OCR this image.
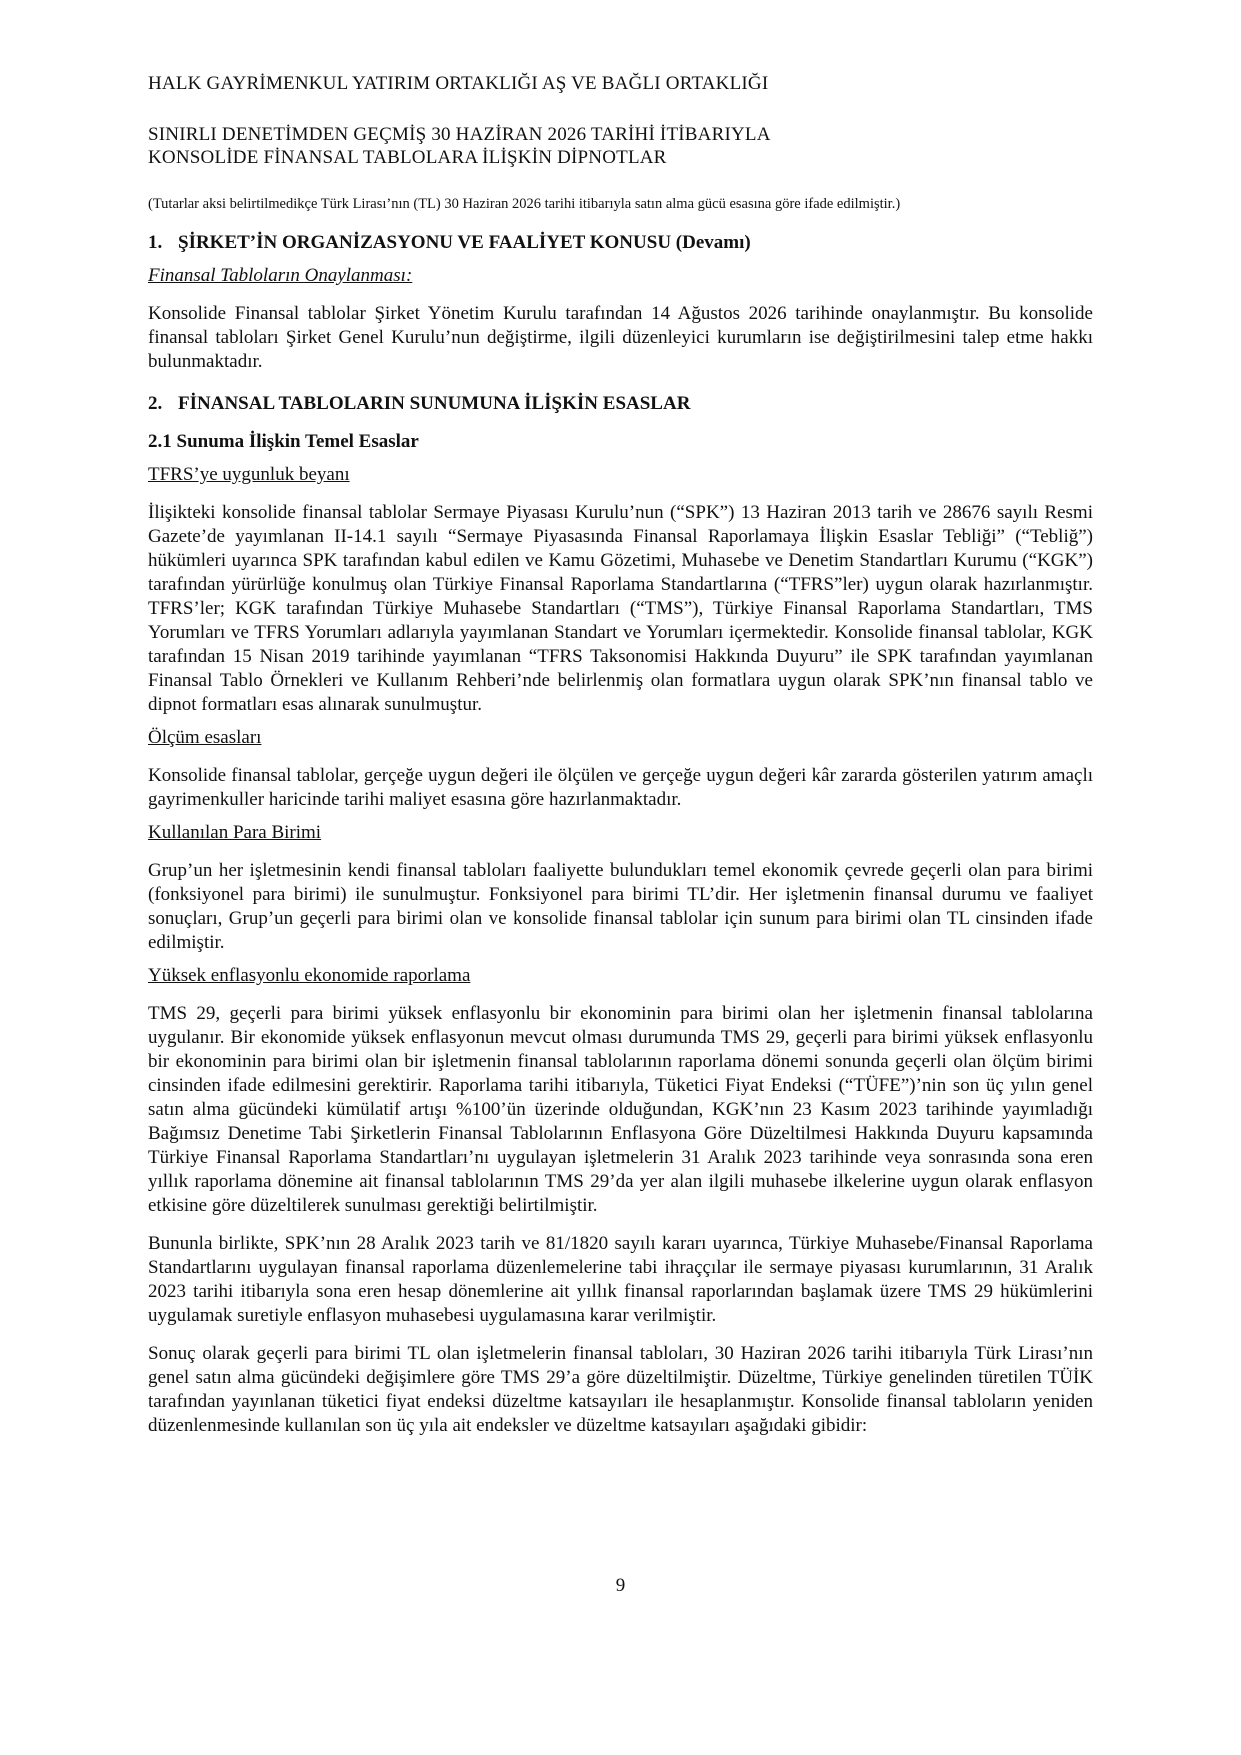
HALK GAYRİMENKUL YATIRIM ORTAKLIĞI AŞ VE BAĞLI ORTAKLIĞI

SINIRLI DENETİMDEN GEÇMİŞ 30 HAZİRAN 2026 TARİHİ İTİBARIYLA
KONSOLİDE FİNANSAL TABLOLARA İLİŞKİN DİPNOTLAR

(Tutarlar aksi belirtilmedikçe Türk Lirası’nın (TL) 30 Haziran 2026 tarihi itibarıyla satın alma gücü esasına göre ifade edilmiştir.)

1. ŞİRKET’İN ORGANİZASYONU VE FAALİYET KONUSU (Devamı)

Finansal Tabloların Onaylanması:

Konsolide Finansal tablolar Şirket Yönetim Kurulu tarafından 14 Ağustos 2026 tarihinde onaylanmıştır. Bu konsolide finansal tabloları Şirket Genel Kurulu’nun değiştirme, ilgili düzenleyici kurumların ise değiştirilmesini talep etme hakkı bulunmaktadır.

2. FİNANSAL TABLOLARIN SUNUMUNA İLİŞKİN ESASLAR

2.1 Sunuma İlişkin Temel Esaslar

TFRS’ye uygunluk beyanı

İlişikteki konsolide finansal tablolar Sermaye Piyasası Kurulu’nun (“SPK”) 13 Haziran 2013 tarih ve 28676 sayılı Resmi Gazete’de yayımlanan II-14.1 sayılı “Sermaye Piyasasında Finansal Raporlamaya İlişkin Esaslar Tebliği” (“Tebliğ”) hükümleri uyarınca SPK tarafından kabul edilen ve Kamu Gözetimi, Muhasebe ve Denetim Standartları Kurumu (“KGK”) tarafından yürürlüğe konulmuş olan Türkiye Finansal Raporlama Standartlarına (“TFRS”ler) uygun olarak hazırlanmıştır. TFRS’ler; KGK tarafından Türkiye Muhasebe Standartları (“TMS”), Türkiye Finansal Raporlama Standartları, TMS Yorumları ve TFRS Yorumları adlarıyla yayımlanan Standart ve Yorumları içermektedir. Konsolide finansal tablolar, KGK tarafından 15 Nisan 2019 tarihinde yayımlanan “TFRS Taksonomisi Hakkında Duyuru” ile SPK tarafından yayımlanan Finansal Tablo Örnekleri ve Kullanım Rehberi’nde belirlenmiş olan formatlara uygun olarak SPK’nın finansal tablo ve dipnot formatları esas alınarak sunulmuştur.

Ölçüm esasları

Konsolide finansal tablolar, gerçeğe uygun değeri ile ölçülen ve gerçeğe uygun değeri kâr zararda gösterilen yatırım amaçlı gayrimenkuller haricinde tarihi maliyet esasına göre hazırlanmaktadır.

Kullanılan Para Birimi

Grup’un her işletmesinin kendi finansal tabloları faaliyette bulundukları temel ekonomik çevrede geçerli olan para birimi (fonksiyonel para birimi) ile sunulmuştur. Fonksiyonel para birimi TL’dir. Her işletmenin finansal durumu ve faaliyet sonuçları, Grup’un geçerli para birimi olan ve konsolide finansal tablolar için sunum para birimi olan TL cinsinden ifade edilmiştir.

Yüksek enflasyonlu ekonomide raporlama

TMS 29, geçerli para birimi yüksek enflasyonlu bir ekonominin para birimi olan her işletmenin finansal tablolarına uygulanır. Bir ekonomide yüksek enflasyonun mevcut olması durumunda TMS 29, geçerli para birimi yüksek enflasyonlu bir ekonominin para birimi olan bir işletmenin finansal tablolarının raporlama dönemi sonunda geçerli olan ölçüm birimi cinsinden ifade edilmesini gerektirir. Raporlama tarihi itibarıyla, Tüketici Fiyat Endeksi (“TÜFE”)’nin son üç yılın genel satın alma gücündeki kümülatif artışı %100’ün üzerinde olduğundan, KGK’nın 23 Kasım 2023 tarihinde yayımladığı Bağımsız Denetime Tabi Şirketlerin Finansal Tablolarının Enflasyona Göre Düzeltilmesi Hakkında Duyuru kapsamında Türkiye Finansal Raporlama Standartları’nı uygulayan işletmelerin 31 Aralık 2023 tarihinde veya sonrasında sona eren yıllık raporlama dönemine ait finansal tablolarının TMS 29’da yer alan ilgili muhasebe ilkelerine uygun olarak enflasyon etkisine göre düzeltilerek sunulması gerektiği belirtilmiştir.

Bununla birlikte, SPK’nın 28 Aralık 2023 tarih ve 81/1820 sayılı kararı uyarınca, Türkiye Muhasebe/Finansal Raporlama Standartlarını uygulayan finansal raporlama düzenlemelerine tabi ihraççılar ile sermaye piyasası kurumlarının, 31 Aralık 2023 tarihi itibarıyla sona eren hesap dönemlerine ait yıllık finansal raporlarından başlamak üzere TMS 29 hükümlerini uygulamak suretiyle enflasyon muhasebesi uygulamasına karar verilmiştir.

Sonuç olarak geçerli para birimi TL olan işletmelerin finansal tabloları, 30 Haziran 2026 tarihi itibarıyla Türk Lirası’nın genel satın alma gücündeki değişimlere göre TMS 29’a göre düzeltilmiştir. Düzeltme, Türkiye genelinden türetilen TÜİK tarafından yayınlanan tüketici fiyat endeksi düzeltme katsayıları ile hesaplanmıştır. Konsolide finansal tabloların yeniden düzenlenmesinde kullanılan son üç yıla ait endeksler ve düzeltme katsayıları aşağıdaki gibidir:

9
